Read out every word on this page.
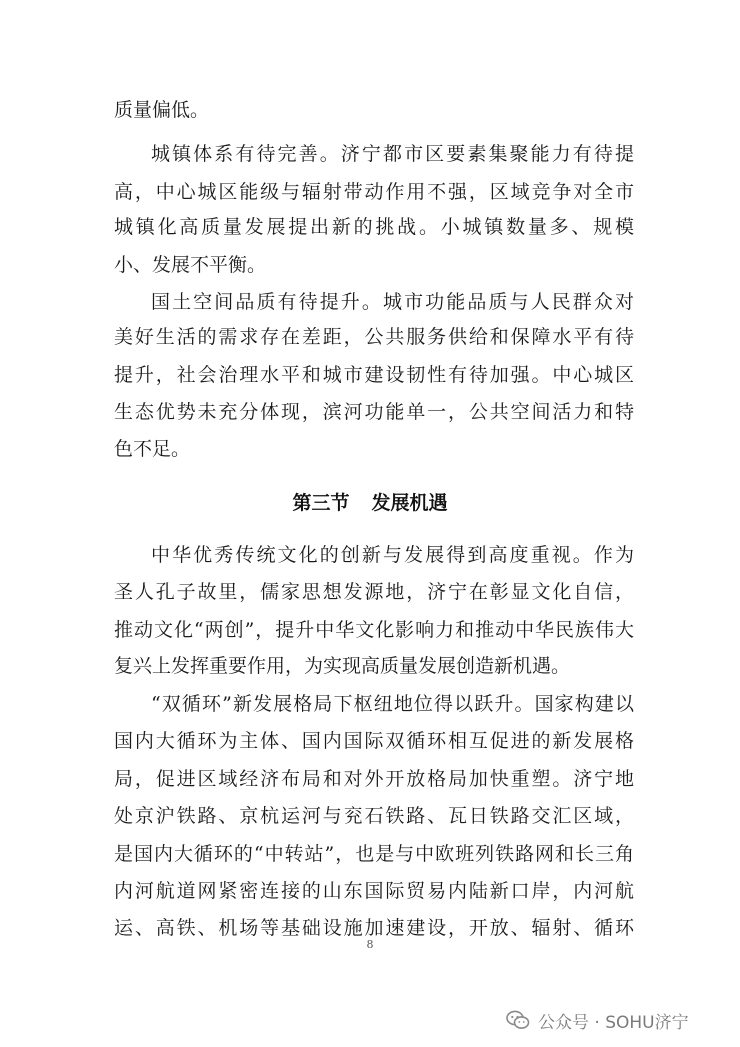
质量偏低。
城镇体系有待完善。济宁都市区要素集聚能力有待提
高，中心城区能级与辐射带动作用不强，区域竞争对全市
城镇化高质量发展提出新的挑战。小城镇数量多、规模
小、发展不平衡。
国土空间品质有待提升。城市功能品质与人民群众对
美好生活的需求存在差距，公共服务供给和保障水平有待
提升，社会治理水平和城市建设韧性有待加强。中心城区
生态优势未充分体现，滨河功能单一，公共空间活力和特
色不足。
第三节 发展机遇
中华优秀传统文化的创新与发展得到高度重视。作为
圣人孔子故里，儒家思想发源地，济宁在彰显文化自信，
推动文化“两创”，提升中华文化影响力和推动中华民族伟大
复兴上发挥重要作用，为实现高质量发展创造新机遇。
“双循环”新发展格局下枢纽地位得以跃升。国家构建以
国内大循环为主体、国内国际双循环相互促进的新发展格
局，促进区域经济布局和对外开放格局加快重塑。济宁地
处京沪铁路、京杭运河与兖石铁路、瓦日铁路交汇区域，
是国内大循环的“中转站”，也是与中欧班列铁路网和长三角
内河航道网紧密连接的山东国际贸易内陆新口岸，内河航
运、高铁、机场等基础设施加速建设，开放、辐射、循环
8
公众号 · SOHU济宁
